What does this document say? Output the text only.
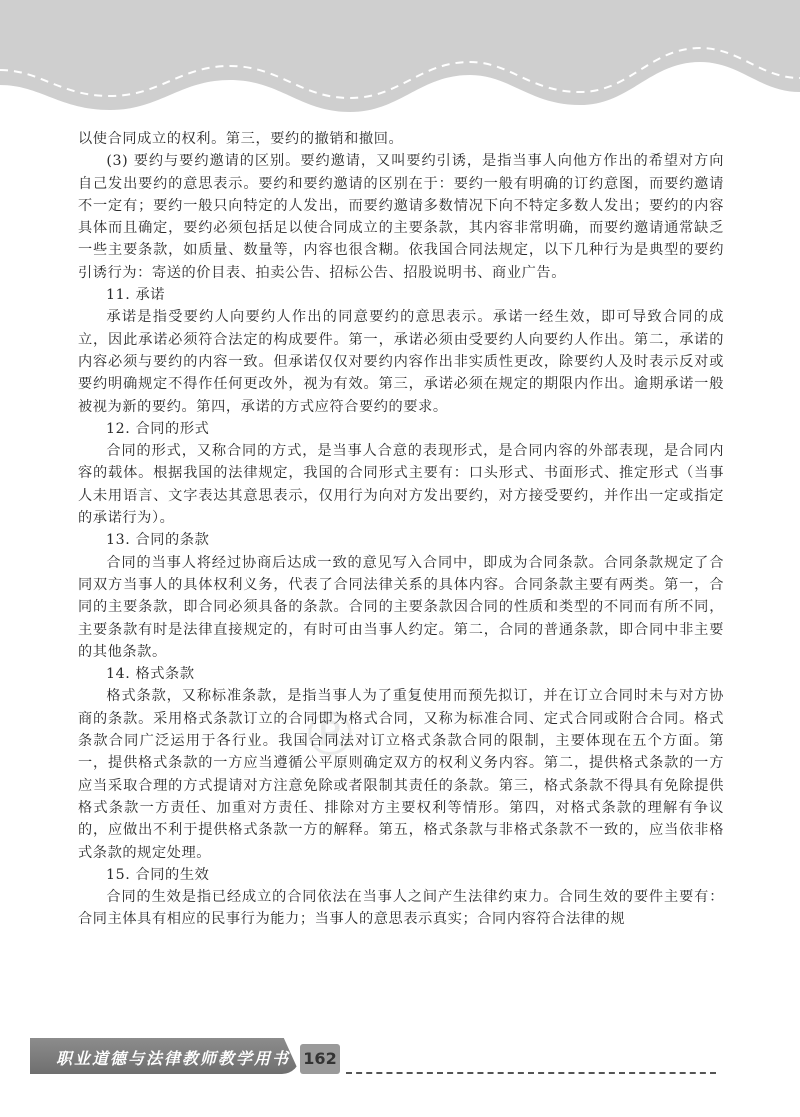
以使合同成立的权利。第三，要约的撤销和撤回。

(3) 要约与要约邀请的区别。要约邀请，又叫要约引诱，是指当事人向他方作出的希望对方向自己发出要约的意思表示。要约和要约邀请的区别在于：要约一般有明确的订约意图，而要约邀请不一定有；要约一般只向特定的人发出，而要约邀请多数情况下向不特定多数人发出；要约的内容具体而且确定，要约必须包括足以使合同成立的主要条款，其内容非常明确，而要约邀请通常缺乏一些主要条款，如质量、数量等，内容也很含糊。依我国合同法规定，以下几种行为是典型的要约引诱行为：寄送的价目表、拍卖公告、招标公告、招股说明书、商业广告。

11. 承诺

承诺是指受要约人向要约人作出的同意要约的意思表示。承诺一经生效，即可导致合同的成立，因此承诺必须符合法定的构成要件。第一，承诺必须由受要约人向要约人作出。第二，承诺的内容必须与要约的内容一致。但承诺仅仅对要约内容作出非实质性更改，除要约人及时表示反对或要约明确规定不得作任何更改外，视为有效。第三，承诺必须在规定的期限内作出。逾期承诺一般被视为新的要约。第四，承诺的方式应符合要约的要求。

12. 合同的形式

合同的形式，又称合同的方式，是当事人合意的表现形式，是合同内容的外部表现，是合同内容的载体。根据我国的法律规定，我国的合同形式主要有：口头形式、书面形式、推定形式（当事人未用语言、文字表达其意思表示，仅用行为向对方发出要约，对方接受要约，并作出一定或指定的承诺行为）。

13. 合同的条款

合同的当事人将经过协商后达成一致的意见写入合同中，即成为合同条款。合同条款规定了合同双方当事人的具体权利义务，代表了合同法律关系的具体内容。合同条款主要有两类。第一，合同的主要条款，即合同必须具备的条款。合同的主要条款因合同的性质和类型的不同而有所不同，主要条款有时是法律直接规定的，有时可由当事人约定。第二，合同的普通条款，即合同中非主要的其他条款。

14. 格式条款

格式条款，又称标准条款，是指当事人为了重复使用而预先拟订，并在订立合同时未与对方协商的条款。采用格式条款订立的合同即为格式合同，又称为标准合同、定式合同或附合合同。格式条款合同广泛运用于各行业。我国合同法对订立格式条款合同的限制，主要体现在五个方面。第一，提供格式条款的一方应当遵循公平原则确定双方的权利义务内容。第二，提供格式条款的一方应当采取合理的方式提请对方注意免除或者限制其责任的条款。第三，格式条款不得具有免除提供格式条款一方责任、加重对方责任、排除对方主要权利等情形。第四，对格式条款的理解有争议的，应做出不利于提供格式条款一方的解释。第五，格式条款与非格式条款不一致的，应当依非格式条款的规定处理。

15. 合同的生效

合同的生效是指已经成立的合同依法在当事人之间产生法律约束力。合同生效的要件主要有：合同主体具有相应的民事行为能力；当事人的意思表示真实；合同内容符合法律的规

®
职业道德与法律教师教学用书 162
